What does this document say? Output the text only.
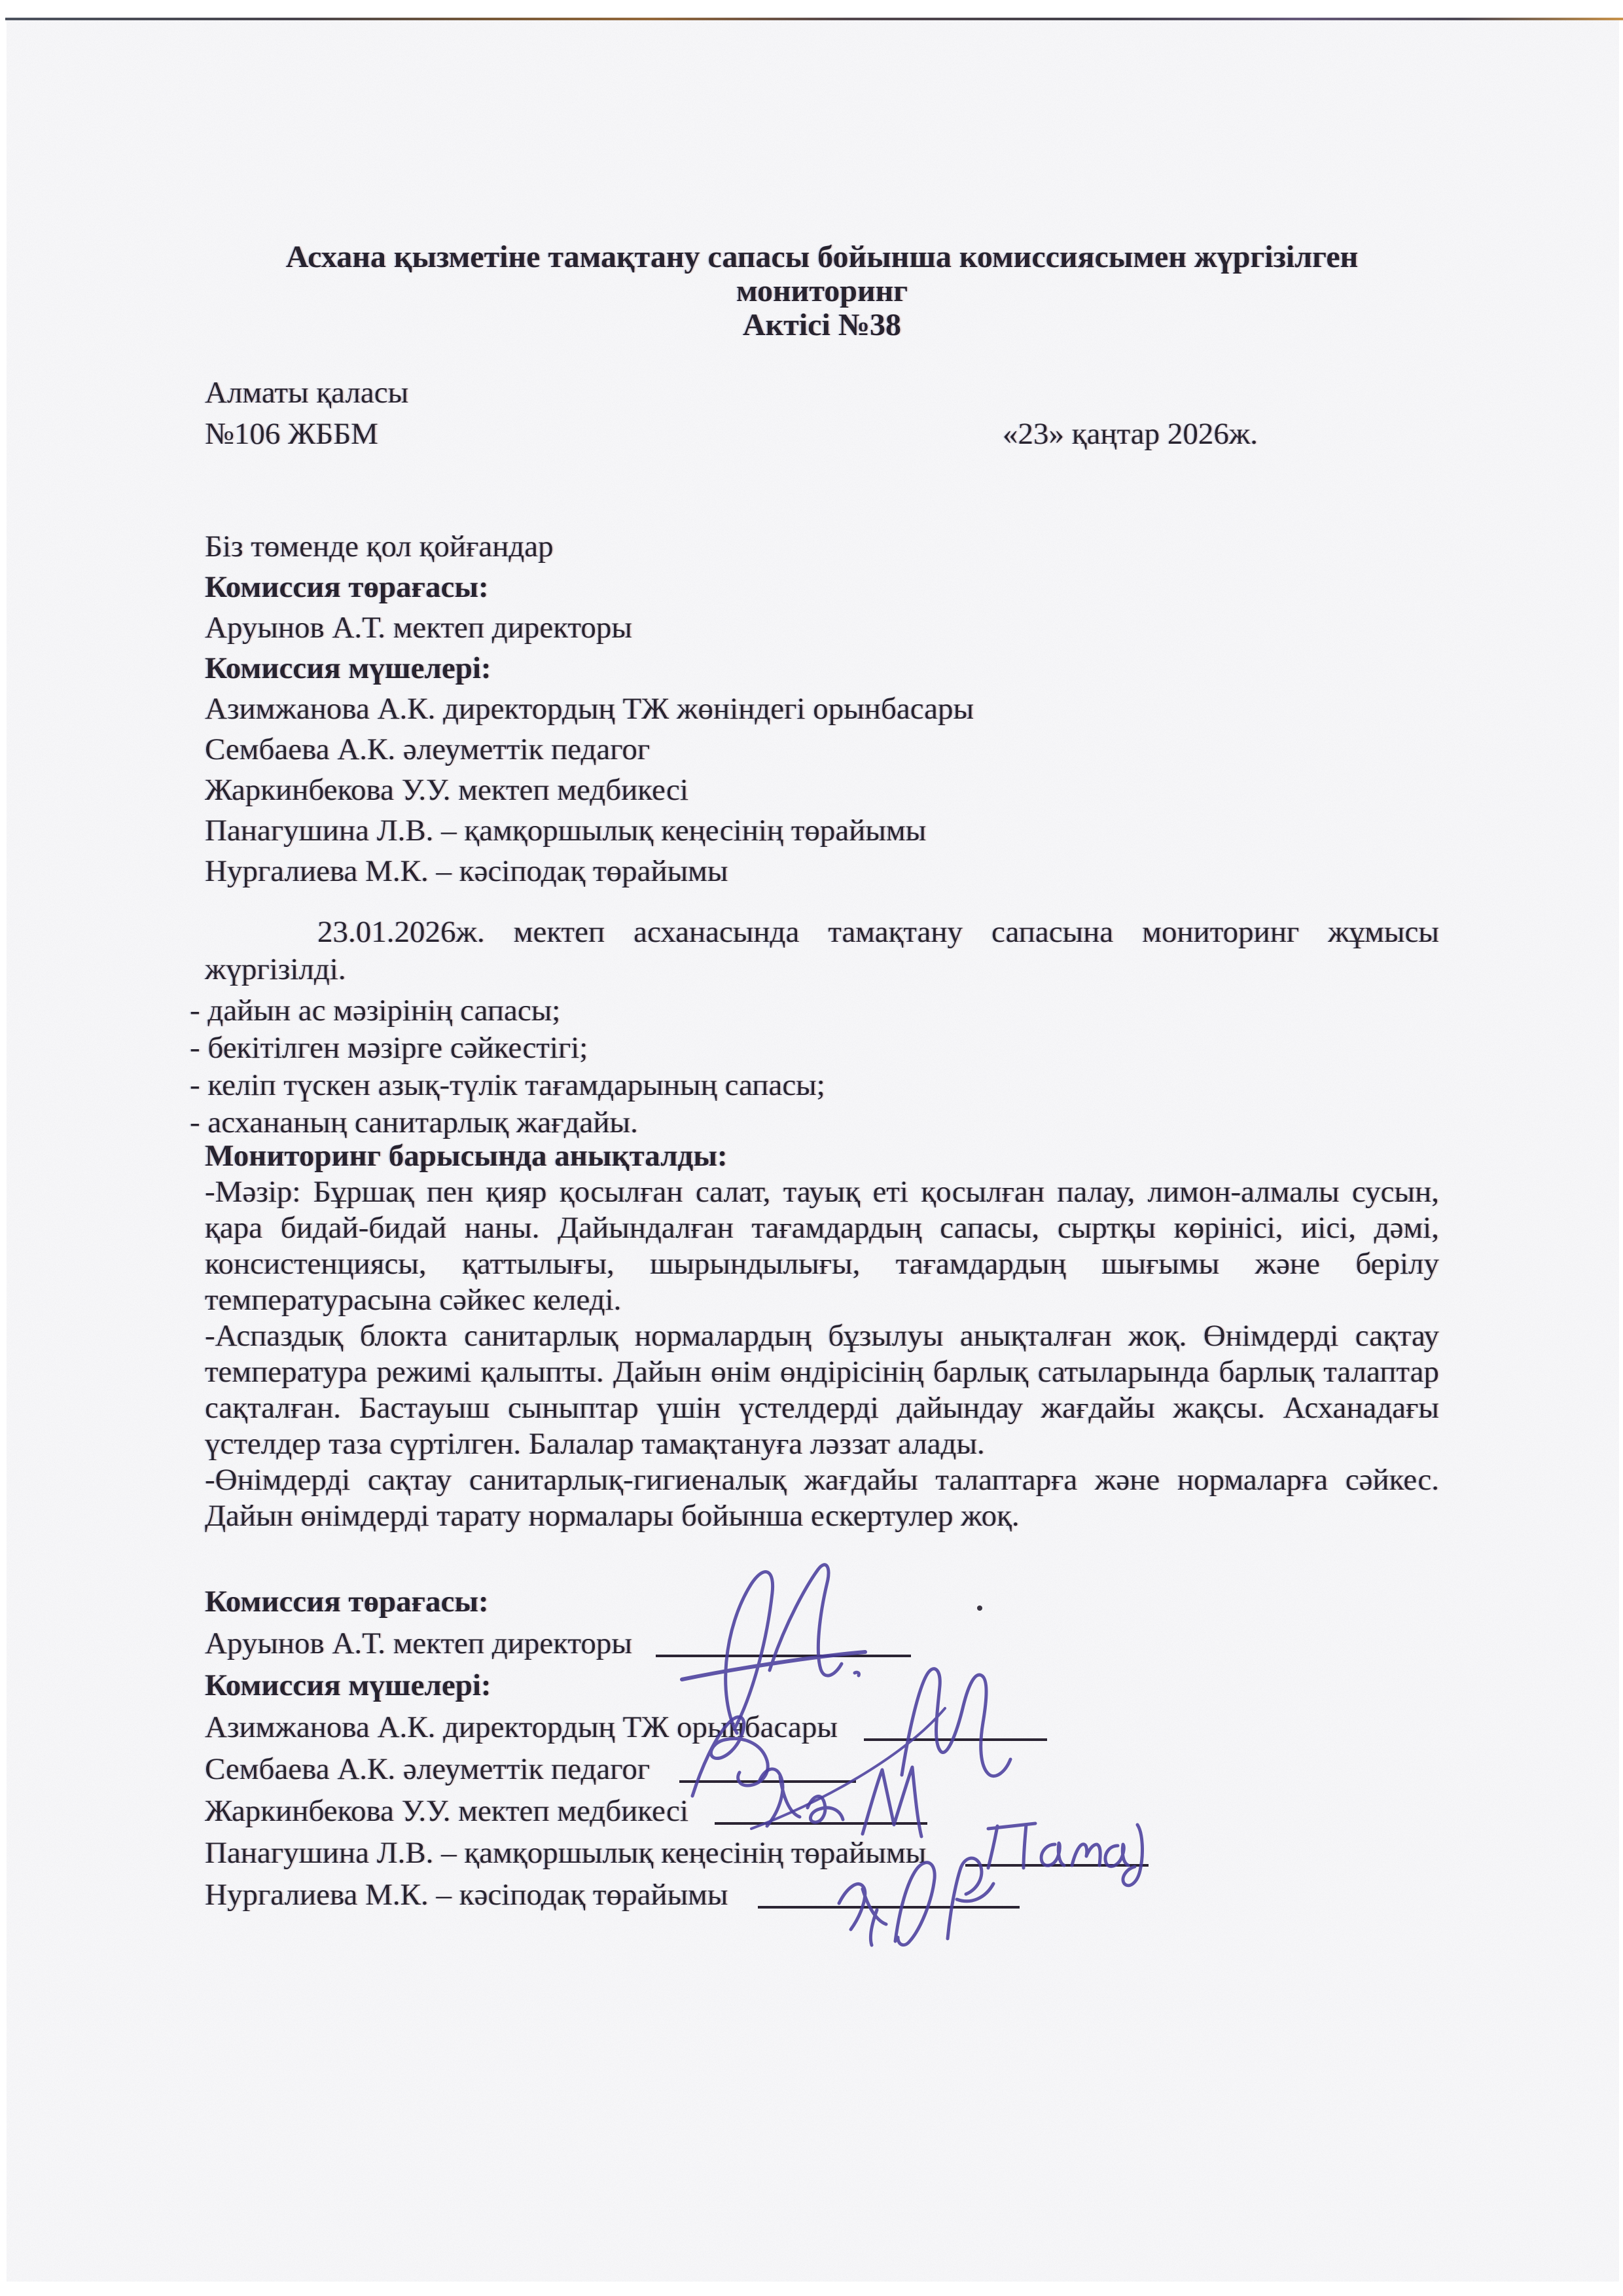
Асхана қызметіне тамақтану сапасы бойынша комиссиясымен жүргізілген
мониторинг
Актісі №38
Алматы қаласы
№106 ЖББМ	«23» қаңтар 2026ж.
Біз төменде қол қойғандар
Комиссия төрағасы:
Аруынов А.Т. мектеп директоры
Комиссия мүшелері:
Азимжанова А.К. директордың ТЖ жөніндегі орынбасары
Сембаева А.К. әлеуметтік педагог
Жаркинбекова У.У. мектеп медбикесі
Панагушина Л.В. – қамқоршылық кеңесінің төрайымы
Нургалиева М.К. – кәсіподақ төрайымы
23.01.2026ж. мектеп асханасында тамақтану сапасына мониторинг жұмысы жүргізілді.
- дайын ас мәзірінің сапасы;
- бекітілген мәзірге сәйкестігі;
- келіп түскен азық-түлік тағамдарының сапасы;
- асхананың санитарлық жағдайы.
Мониторинг барысында анықталды:
-Мәзір: Бұршақ пен қияр қосылған салат, тауық еті қосылған палау, лимон-алмалы сусын, қара бидай-бидай наны. Дайындалған тағамдардың сапасы, сыртқы көрінісі, иісі, дәмі, консистенциясы, қаттылығы, шырындылығы, тағамдардың шығымы және берілу температурасына сәйкес келеді.
-Аспаздық блокта санитарлық нормалардың бұзылуы анықталған жоқ. Өнімдерді сақтау температура режимі қалыпты. Дайын өнім өндірісінің барлық сатыларында барлық талаптар сақталған. Бастауыш сыныптар үшін үстелдерді дайындау жағдайы жақсы. Асханадағы үстелдер таза сүртілген. Балалар тамақтануға ләззат алады.
-Өнімдерді сақтау санитарлық-гигиеналық жағдайы талаптарға және нормаларға сәйкес. Дайын өнімдерді тарату нормалары бойынша ескертулер жоқ.
Комиссия төрағасы:
Аруынов А.Т. мектеп директоры
Комиссия мүшелері:
Азимжанова А.К. директордың ТЖ орынбасары
Сембаева А.К. әлеуметтік педагог
Жаркинбекова У.У. мектеп медбикесі
Панагушина Л.В. – қамқоршылық кеңесінің төрайымы
Нургалиева М.К. – кәсіподақ төрайымы
